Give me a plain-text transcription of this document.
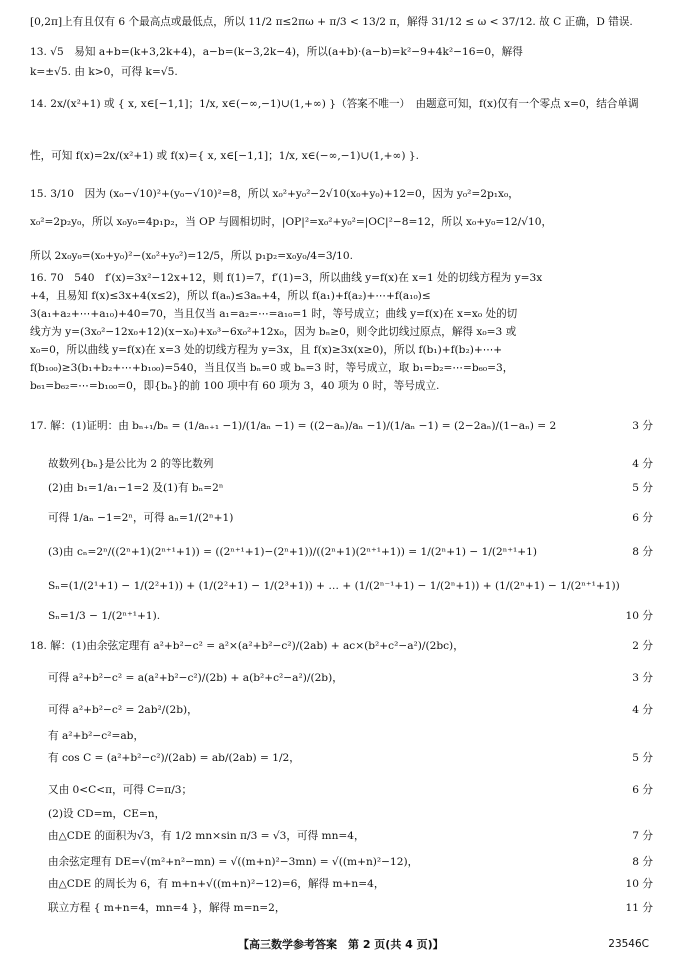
[0,2π]上有且仅有 6 个最高点或最低点，所以 11/2 π≤2πω + π/3 < 13/2 π，解得 31/12 ≤ ω < 37/12. 故 C 正确，D 错误.
13. √5　易知 a+b=(k+3,2k+4)，a−b=(k−3,2k−4)，所以(a+b)·(a−b)=k²−9+4k²−16=0，解得
k=±√5. 由 k>0，可得 k=√5.
14. 2x/(x²+1) 或 { x, x∈[−1,1]；1/x, x∈(−∞,−1)∪(1,+∞) }（答案不唯一）　由题意可知，f(x)仅有一个零点 x=0，结合单调
性，可知 f(x)=2x/(x²+1) 或 f(x)={ x, x∈[−1,1]；1/x, x∈(−∞,−1)∪(1,+∞) }.
15. 3/10　因为 (x₀−√10)²+(y₀−√10)²=8，所以 x₀²+y₀²−2√10(x₀+y₀)+12=0，因为 y₀²=2p₁x₀，
x₀²=2p₂y₀，所以 x₀y₀=4p₁p₂，当 OP 与圆相切时，|OP|²=x₀²+y₀²=|OC|²−8=12，所以 x₀+y₀=12/√10，
所以 2x₀y₀=(x₀+y₀)²−(x₀²+y₀²)=12/5，所以 p₁p₂=x₀y₀/4=3/10.
16. 70　540　f′(x)=3x²−12x+12，则 f(1)=7，f′(1)=3，所以曲线 y=f(x)在 x=1 处的切线方程为 y=3x
+4，且易知 f(x)≤3x+4(x≤2)，所以 f(aₙ)≤3aₙ+4，所以 f(a₁)+f(a₂)+⋯+f(a₁₀)≤
3(a₁+a₂+⋯+a₁₀)+40=70，当且仅当 a₁=a₂=⋯=a₁₀=1 时，等号成立；曲线 y=f(x)在 x=x₀ 处的切
线方为 y=(3x₀²−12x₀+12)(x−x₀)+x₀³−6x₀²+12x₀，因为 bₙ≥0，则令此切线过原点，解得 x₀=3 或
x₀=0，所以曲线 y=f(x)在 x=3 处的切线方程为 y=3x，且 f(x)≥3x(x≥0)，所以 f(b₁)+f(b₂)+⋯+
f(b₁₀₀)≥3(b₁+b₂+⋯+b₁₀₀)=540，当且仅当 bₙ=0 或 bₙ=3 时，等号成立，取 b₁=b₂=⋯=b₆₀=3，
b₆₁=b₆₂=⋯=b₁₀₀=0，即{bₙ}的前 100 项中有 60 项为 3，40 项为 0 时，等号成立.
17. 解：(1)证明：由 bₙ₊₁/bₙ = (1/aₙ₊₁ −1)/(1/aₙ −1) = ((2−aₙ)/aₙ −1)/(1/aₙ −1) = (2−2aₙ)/(1−aₙ) = 2
故数列{bₙ}是公比为 2 的等比数列
(2)由 b₁=1/a₁−1=2 及(1)有 bₙ=2ⁿ
可得 1/aₙ −1=2ⁿ，可得 aₙ=1/(2ⁿ+1)
(3)由 cₙ=2ⁿ/((2ⁿ+1)(2ⁿ⁺¹+1)) = ((2ⁿ⁺¹+1)−(2ⁿ+1))/((2ⁿ+1)(2ⁿ⁺¹+1)) = 1/(2ⁿ+1) − 1/(2ⁿ⁺¹+1)
Sₙ=(1/(2¹+1) − 1/(2²+1)) + (1/(2²+1) − 1/(2³+1)) + … + (1/(2ⁿ⁻¹+1) − 1/(2ⁿ+1)) + (1/(2ⁿ+1) − 1/(2ⁿ⁺¹+1))
Sₙ=1/3 − 1/(2ⁿ⁺¹+1).
18. 解：(1)由余弦定理有 a²+b²−c² = a²×(a²+b²−c²)/(2ab) + ac×(b²+c²−a²)/(2bc)，
可得 a²+b²−c² = a(a²+b²−c²)/(2b) + a(b²+c²−a²)/(2b)，
可得 a²+b²−c² = 2ab²/(2b)，
有 a²+b²−c²=ab，
有 cos C = (a²+b²−c²)/(2ab) = ab/(2ab) = 1/2，
又由 0<C<π，可得 C=π/3；
(2)设 CD=m，CE=n，
由△CDE 的面积为√3，有 1/2 mn×sin π/3 = √3，可得 mn=4，
由余弦定理有 DE=√(m²+n²−mn) = √((m+n)²−3mn) = √((m+n)²−12)，
由△CDE 的周长为 6，有 m+n+√((m+n)²−12)=6，解得 m+n=4，
联立方程 { m+n=4，mn=4 }，解得 m=n=2，
3 分
4 分
5 分
6 分
8 分
10 分
2 分
3 分
4 分
5 分
6 分
7 分
8 分
10 分
11 分
【高三数学参考答案　第 2 页(共 4 页)】	23546C
